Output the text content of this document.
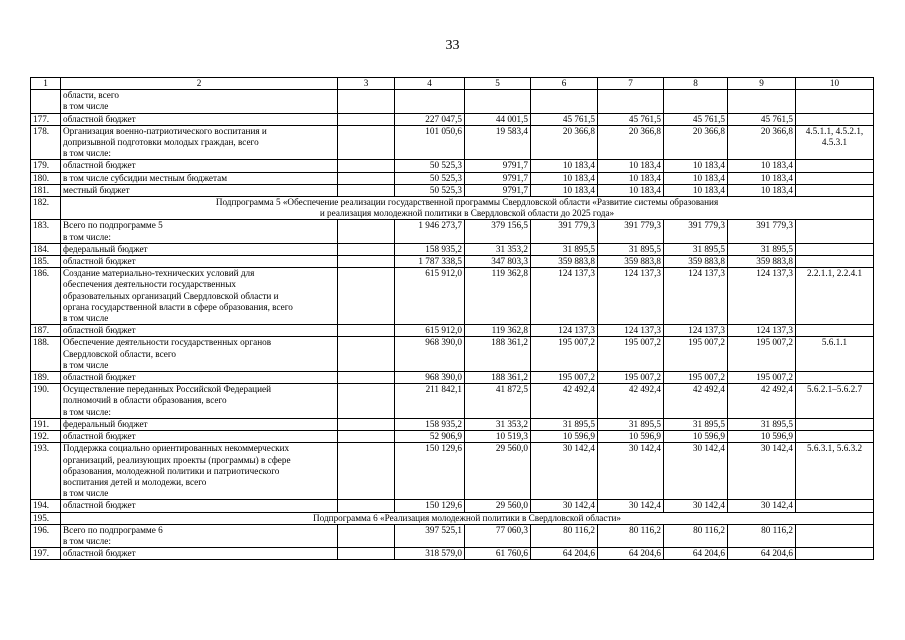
33
1	2	3	4	5	6	7	8	9	10
	области, всего
в том числе								
177.	областной бюджет		227 047,5	44 001,5	45 761,5	45 761,5	45 761,5	45 761,5	
178.	Организация военно-патриотического воспитания и
допризывной подготовки молодых граждан, всего
в том числе:		101 050,6	19 583,4	20 366,8	20 366,8	20 366,8	20 366,8	4.5.1.1, 4.5.2.1,
4.5.3.1
179.	областной бюджет		50 525,3	9791,7	10 183,4	10 183,4	10 183,4	10 183,4	
180.	в том числе субсидии местным бюджетам		50 525,3	9791,7	10 183,4	10 183,4	10 183,4	10 183,4	
181.	местный бюджет		50 525,3	9791,7	10 183,4	10 183,4	10 183,4	10 183,4	
182.	Подпрограмма 5 «Обеспечение реализации государственной программы Свердловской области «Развитие системы образования
и реализация молодежной политики в Свердловской области до 2025 года»								
183.	Всего по подпрограмме 5
в том числе:		1 946 273,7	379 156,5	391 779,3	391 779,3	391 779,3	391 779,3	
184.	федеральный бюджет		158 935,2	31 353,2	31 895,5	31 895,5	31 895,5	31 895,5	
185.	областной бюджет		1 787 338,5	347 803,3	359 883,8	359 883,8	359 883,8	359 883,8	
186.	Создание материально-технических условий для
обеспечения деятельности государственных
образовательных организаций Свердловской области и
органа государственной власти в сфере образования, всего
в том числе		615 912,0	119 362,8	124 137,3	124 137,3	124 137,3	124 137,3	2.2.1.1, 2.2.4.1
187.	областной бюджет		615 912,0	119 362,8	124 137,3	124 137,3	124 137,3	124 137,3	
188.	Обеспечение деятельности государственных органов
Свердловской области, всего
в том числе		968 390,0	188 361,2	195 007,2	195 007,2	195 007,2	195 007,2	5.6.1.1
189.	областной бюджет		968 390,0	188 361,2	195 007,2	195 007,2	195 007,2	195 007,2	
190.	Осуществление переданных Российской Федерацией
полномочий в области образования, всего
в том числе:		211 842,1	41 872,5	42 492,4	42 492,4	42 492,4	42 492,4	5.6.2.1–5.6.2.7
191.	федеральный бюджет		158 935,2	31 353,2	31 895,5	31 895,5	31 895,5	31 895,5	
192.	областной бюджет		52 906,9	10 519,3	10 596,9	10 596,9	10 596,9	10 596,9	
193.	Поддержка социально ориентированных некоммерческих
организаций, реализующих проекты (программы) в сфере
образования, молодежной политики и патриотического
воспитания детей и молодежи, всего
в том числе		150 129,6	29 560,0	30 142,4	30 142,4	30 142,4	30 142,4	5.6.3.1, 5.6.3.2
194.	областной бюджет		150 129,6	29 560,0	30 142,4	30 142,4	30 142,4	30 142,4	
195.	Подпрограмма 6 «Реализация молодежной политики в Свердловской области»								
196.	Всего по подпрограмме 6
в том числе:		397 525,1	77 060,3	80 116,2	80 116,2	80 116,2	80 116,2	
197.	областной бюджет		318 579,0	61 760,6	64 204,6	64 204,6	64 204,6	64 204,6	
